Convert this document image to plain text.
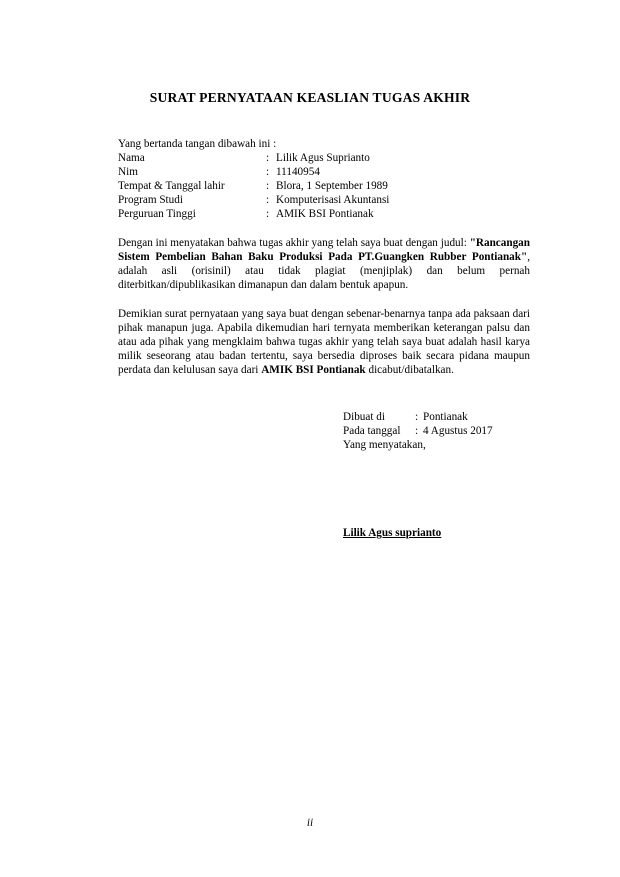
SURAT PERNYATAAN KEASLIAN TUGAS AKHIR
Yang bertanda tangan dibawah ini :
Nama	: Lilik Agus Suprianto
Nim	: 11140954
Tempat & Tanggal lahir	: Blora, 1 September 1989
Program Studi	: Komputerisasi Akuntansi
Perguruan Tinggi	: AMIK BSI Pontianak

Dengan ini menyatakan bahwa tugas akhir yang telah saya buat dengan judul: "Rancangan Sistem Pembelian Bahan Baku Produksi Pada PT.Guangken Rubber Pontianak", adalah asli (orisinil) atau tidak plagiat (menjiplak) dan belum pernah diterbitkan/dipublikasikan dimanapun dan dalam bentuk apapun.

Demikian surat pernyataan yang saya buat dengan sebenar-benarnya tanpa ada paksaan dari pihak manapun juga. Apabila dikemudian hari ternyata memberikan keterangan palsu dan atau ada pihak yang mengklaim bahwa tugas akhir yang telah saya buat adalah hasil karya milik seseorang atau badan tertentu, saya bersedia diproses baik secara pidana maupun perdata dan kelulusan saya dari AMIK BSI Pontianak dicabut/dibatalkan.

Dibuat di	: Pontianak
Pada tanggal	: 4 Agustus 2017
Yang menyatakan,
Lilik Agus suprianto
ii
